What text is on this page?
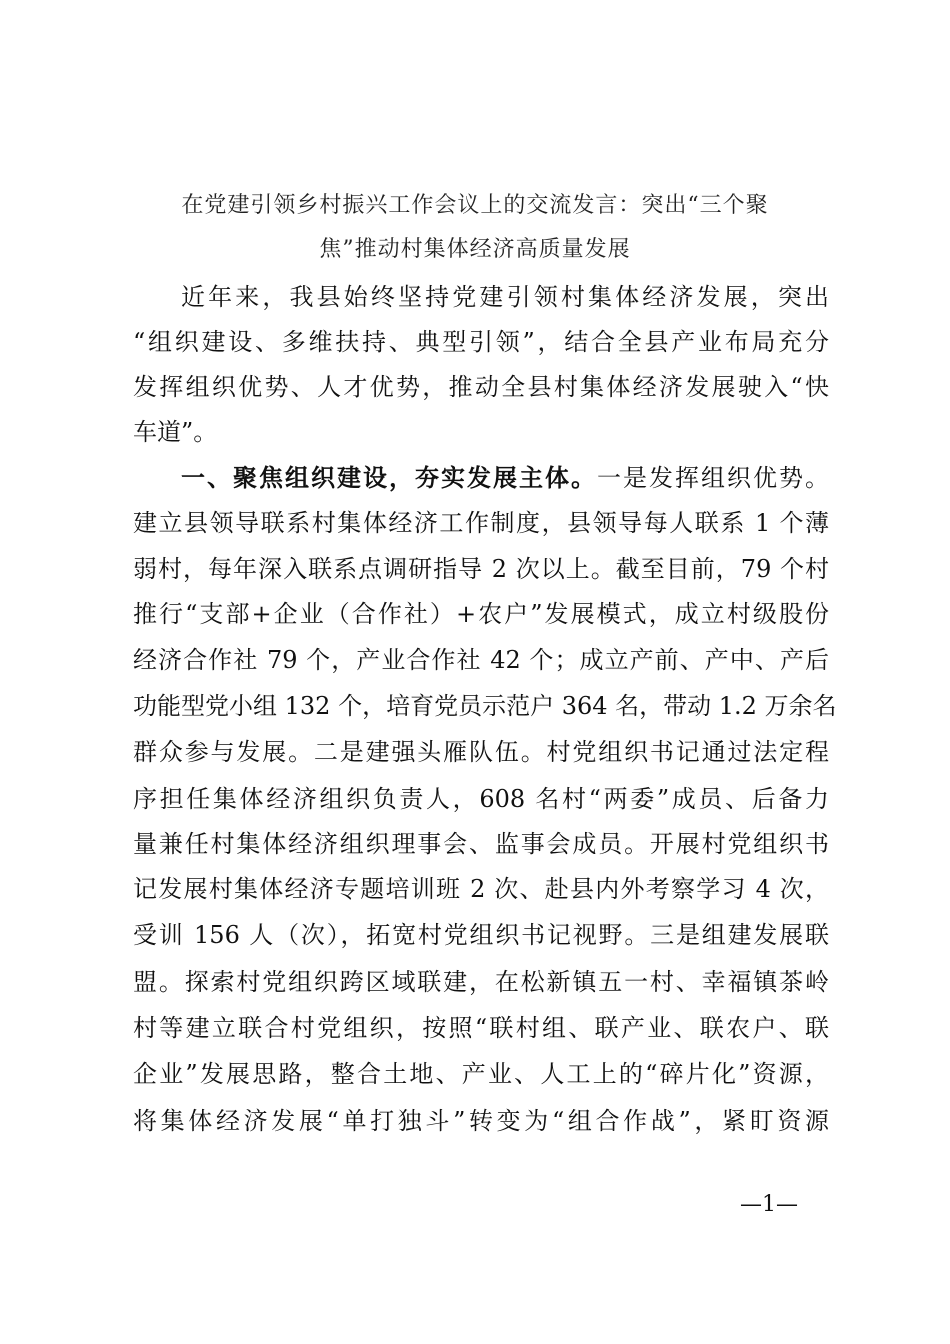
在党建引领乡村振兴工作会议上的交流发言：突出“三个聚
焦”推动村集体经济高质量发展
近年来，我县始终坚持党建引领村集体经济发展，突出
“组织建设、多维扶持、典型引领”，结合全县产业布局充分
发挥组织优势、人才优势，推动全县村集体经济发展驶入“快
车道”。
一、聚焦组织建设，夯实发展主体。一是发挥组织优势。
建立县领导联系村集体经济工作制度，县领导每人联系 1 个薄
弱村，每年深入联系点调研指导 2 次以上。截至目前，79 个村
推行“支部+企业（合作社）+农户”发展模式，成立村级股份
经济合作社 79 个，产业合作社 42 个；成立产前、产中、产后
功能型党小组 132 个，培育党员示范户 364 名，带动 1.2 万余名
群众参与发展。二是建强头雁队伍。村党组织书记通过法定程
序担任集体经济组织负责人，608 名村“两委”成员、后备力
量兼任村集体经济组织理事会、监事会成员。开展村党组织书
记发展村集体经济专题培训班 2 次、赴县内外考察学习 4 次，
受训 156 人（次），拓宽村党组织书记视野。三是组建发展联
盟。探索村党组织跨区域联建，在松新镇五一村、幸福镇茶岭
村等建立联合村党组织，按照“联村组、联产业、联农户、联
企业”发展思路，整合土地、产业、人工上的“碎片化”资源，
将集体经济发展“单打独斗”转变为“组合作战”，紧盯资源
—1—
